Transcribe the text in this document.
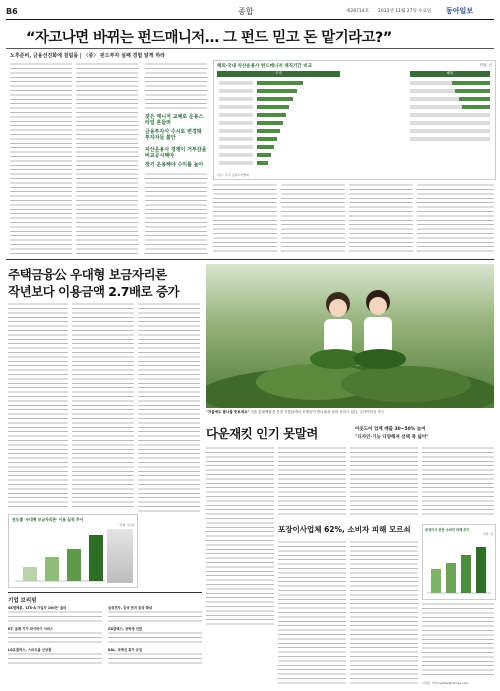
B6	종합	제28714호 2013년 11월 27일 수요일 동아일보
“자고나면 바뀌는 펀드매니저… 그 펀드 믿고 돈 맡기라고?”
노후준비, 금융선진화에 걸림돌 | 〈중〉 펀드투자 실패 경험 알게 하라
잦은 매니저 교체로 운용스타일 흔들려
금융투자사 수시로 변경돼 투자자들 불안
자산운용사 경쟁이 거부감을 비교공시해야
장기 운용해야 수익률 높아
해외·국내 자산운용사 펀드매니저 재직기간 비교	단위: 년
국내	해외
자료: 각사·금융투자협회
주택금융公 우대형 보금자리론
작년보다 이용금액 2.7배로 증가
연도별 '우대형 보금자리론' 이용 실적 추이
단위: 억 원
"겨울에도 봄나물 맛보세요" 서울 롯데백화점 본점 식품관에서 모델들이 봄나물을 들어 보이고 있다. 롯데백화점 제공
다운재킷 인기 못말려	아웃도어 업계 매출 30~50% 늘어
"디자인·기능 다양해져 선택 폭 넓어"
포장이사업체 62%, 소비자 피해 모르쇠	포장이사 관련 소비자 피해 추이
단위: 건
이정은 기자 lightee@donga.com
기업 브리핑
SK텔레콤, 'LTE-A 가입자 100만' 돌파
KT, 올레 기가 와이파이 서비스
LG유플러스, 스마트홈 신상품
삼성전자, 중국 현지 공장 확대
GS칼텍스, 장학생 선발
KAL, 국제선 특가 운임
